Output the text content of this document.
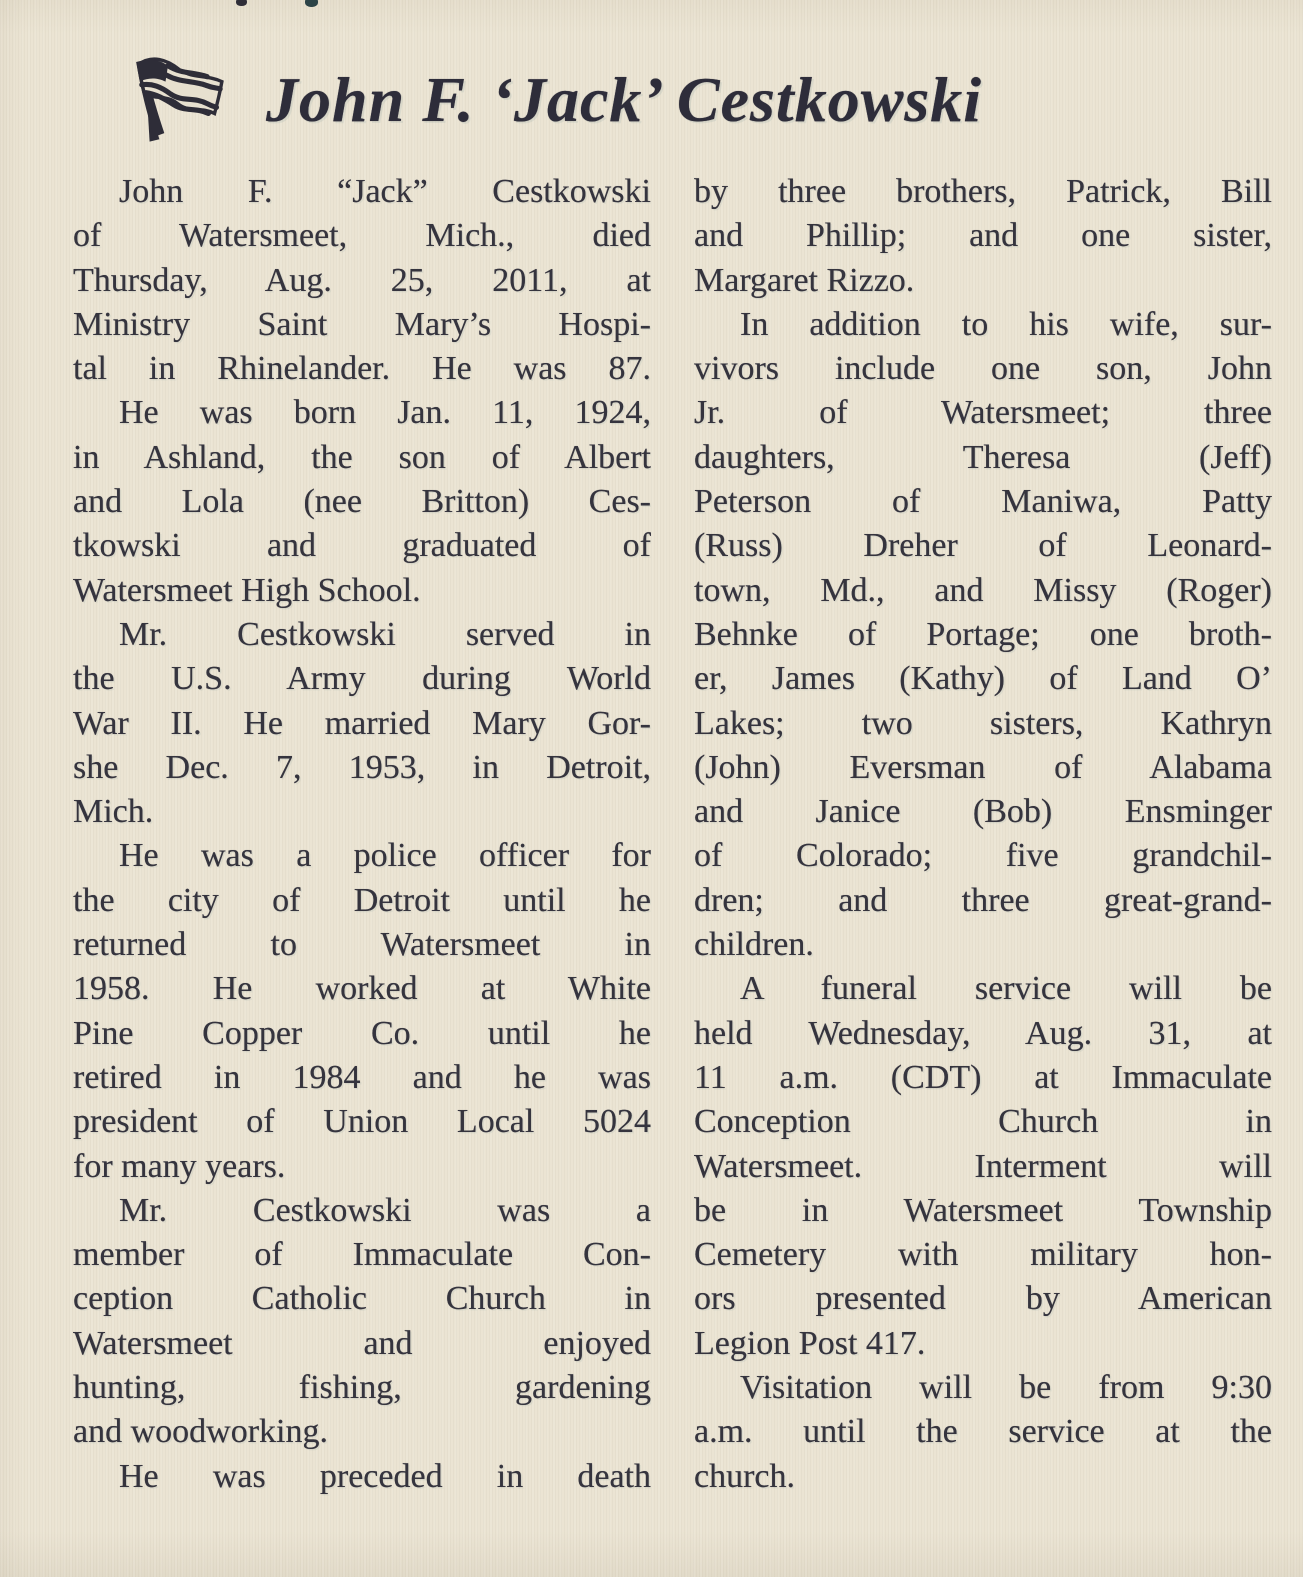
John F. ‘Jack’ Cestkowski
John F. “Jack” Cestkowski
of Watersmeet, Mich., died
Thursday, Aug. 25, 2011, at
Ministry Saint Mary’s Hospi-
tal in Rhinelander. He was 87.
He was born Jan. 11, 1924,
in Ashland, the son of Albert
and Lola (nee Britton) Ces-
tkowski and graduated of
Watersmeet High School.
Mr. Cestkowski served in
the U.S. Army during World
War II. He married Mary Gor-
she Dec. 7, 1953, in Detroit,
Mich.
He was a police officer for
the city of Detroit until he
returned to Watersmeet in
1958. He worked at White
Pine Copper Co. until he
retired in 1984 and he was
president of Union Local 5024
for many years.
Mr. Cestkowski was a
member of Immaculate Con-
ception Catholic Church in
Watersmeet and enjoyed
hunting, fishing, gardening
and woodworking.
He was preceded in death
by three brothers, Patrick, Bill
and Phillip; and one sister,
Margaret Rizzo.
In addition to his wife, sur-
vivors include one son, John
Jr. of Watersmeet; three
daughters, Theresa (Jeff)
Peterson of Maniwa, Patty
(Russ) Dreher of Leonard-
town, Md., and Missy (Roger)
Behnke of Portage; one broth-
er, James (Kathy) of Land O’
Lakes; two sisters, Kathryn
(John) Eversman of Alabama
and Janice (Bob) Ensminger
of Colorado; five grandchil-
dren; and three great-grand-
children.
A funeral service will be
held Wednesday, Aug. 31, at
11 a.m. (CDT) at Immaculate
Conception Church in
Watersmeet. Interment will
be in Watersmeet Township
Cemetery with military hon-
ors presented by American
Legion Post 417.
Visitation will be from 9:30
a.m. until the service at the
church.
